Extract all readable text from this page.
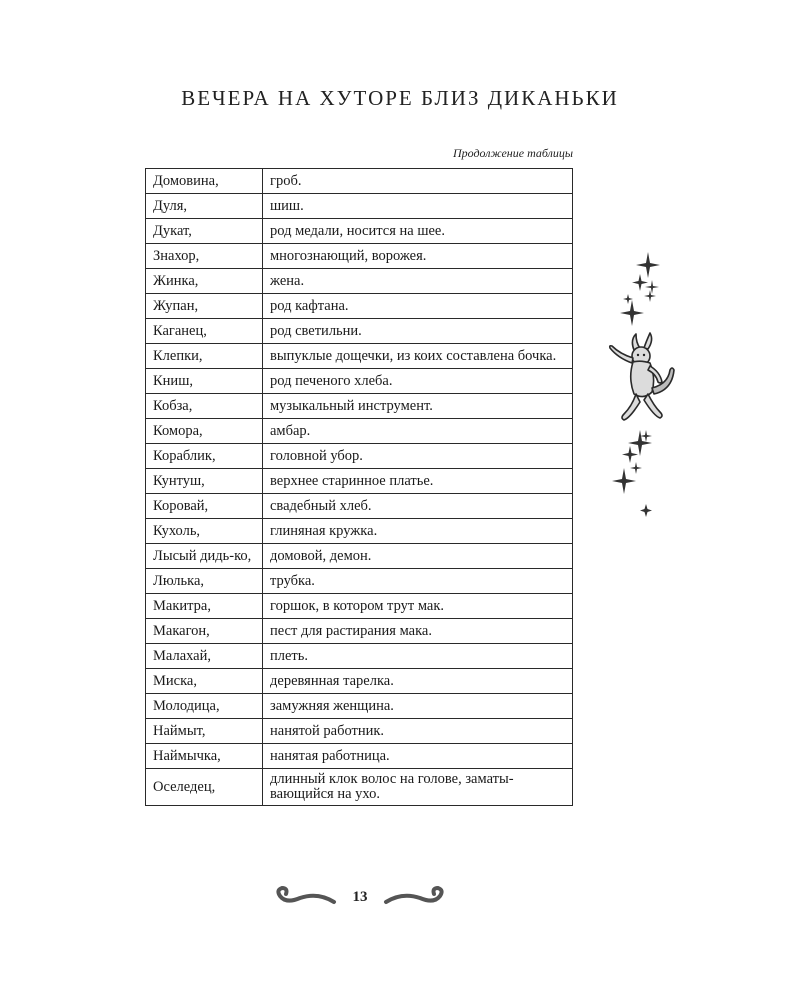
ВЕЧЕРА НА ХУТОРЕ БЛИЗ ДИКАНЬКИ
Продолжение таблицы
Домовина,	гроб.
Дуля,	шиш.
Дукат,	род медали, носится на шее.
Знахор,	многознающий, ворожея.
Жинка,	жена.
Жупан,	род кафтана.
Каганец,	род светильни.
Клепки,	выпуклые дощечки, из коих составлена бочка.
Книш,	род печеного хлеба.
Кобза,	музыкальный инструмент.
Комора,	амбар.
Кораблик,	головной убор.
Кунтуш,	верхнее старинное платье.
Коровай,	свадебный хлеб.
Кухоль,	глиняная кружка.
Лысый дидь-ко,	домовой, демон.
Люлька,	трубка.
Макитра,	горшок, в котором трут мак.
Макагон,	пест для растирания мака.
Малахай,	плеть.
Миска,	деревянная тарелка.
Молодица,	замужняя женщина.
Наймыт,	нанятой работник.
Наймычка,	нанятая работница.
Оселедец,	длинный клок волос на голове, заматы-вающийся на ухо.
13
